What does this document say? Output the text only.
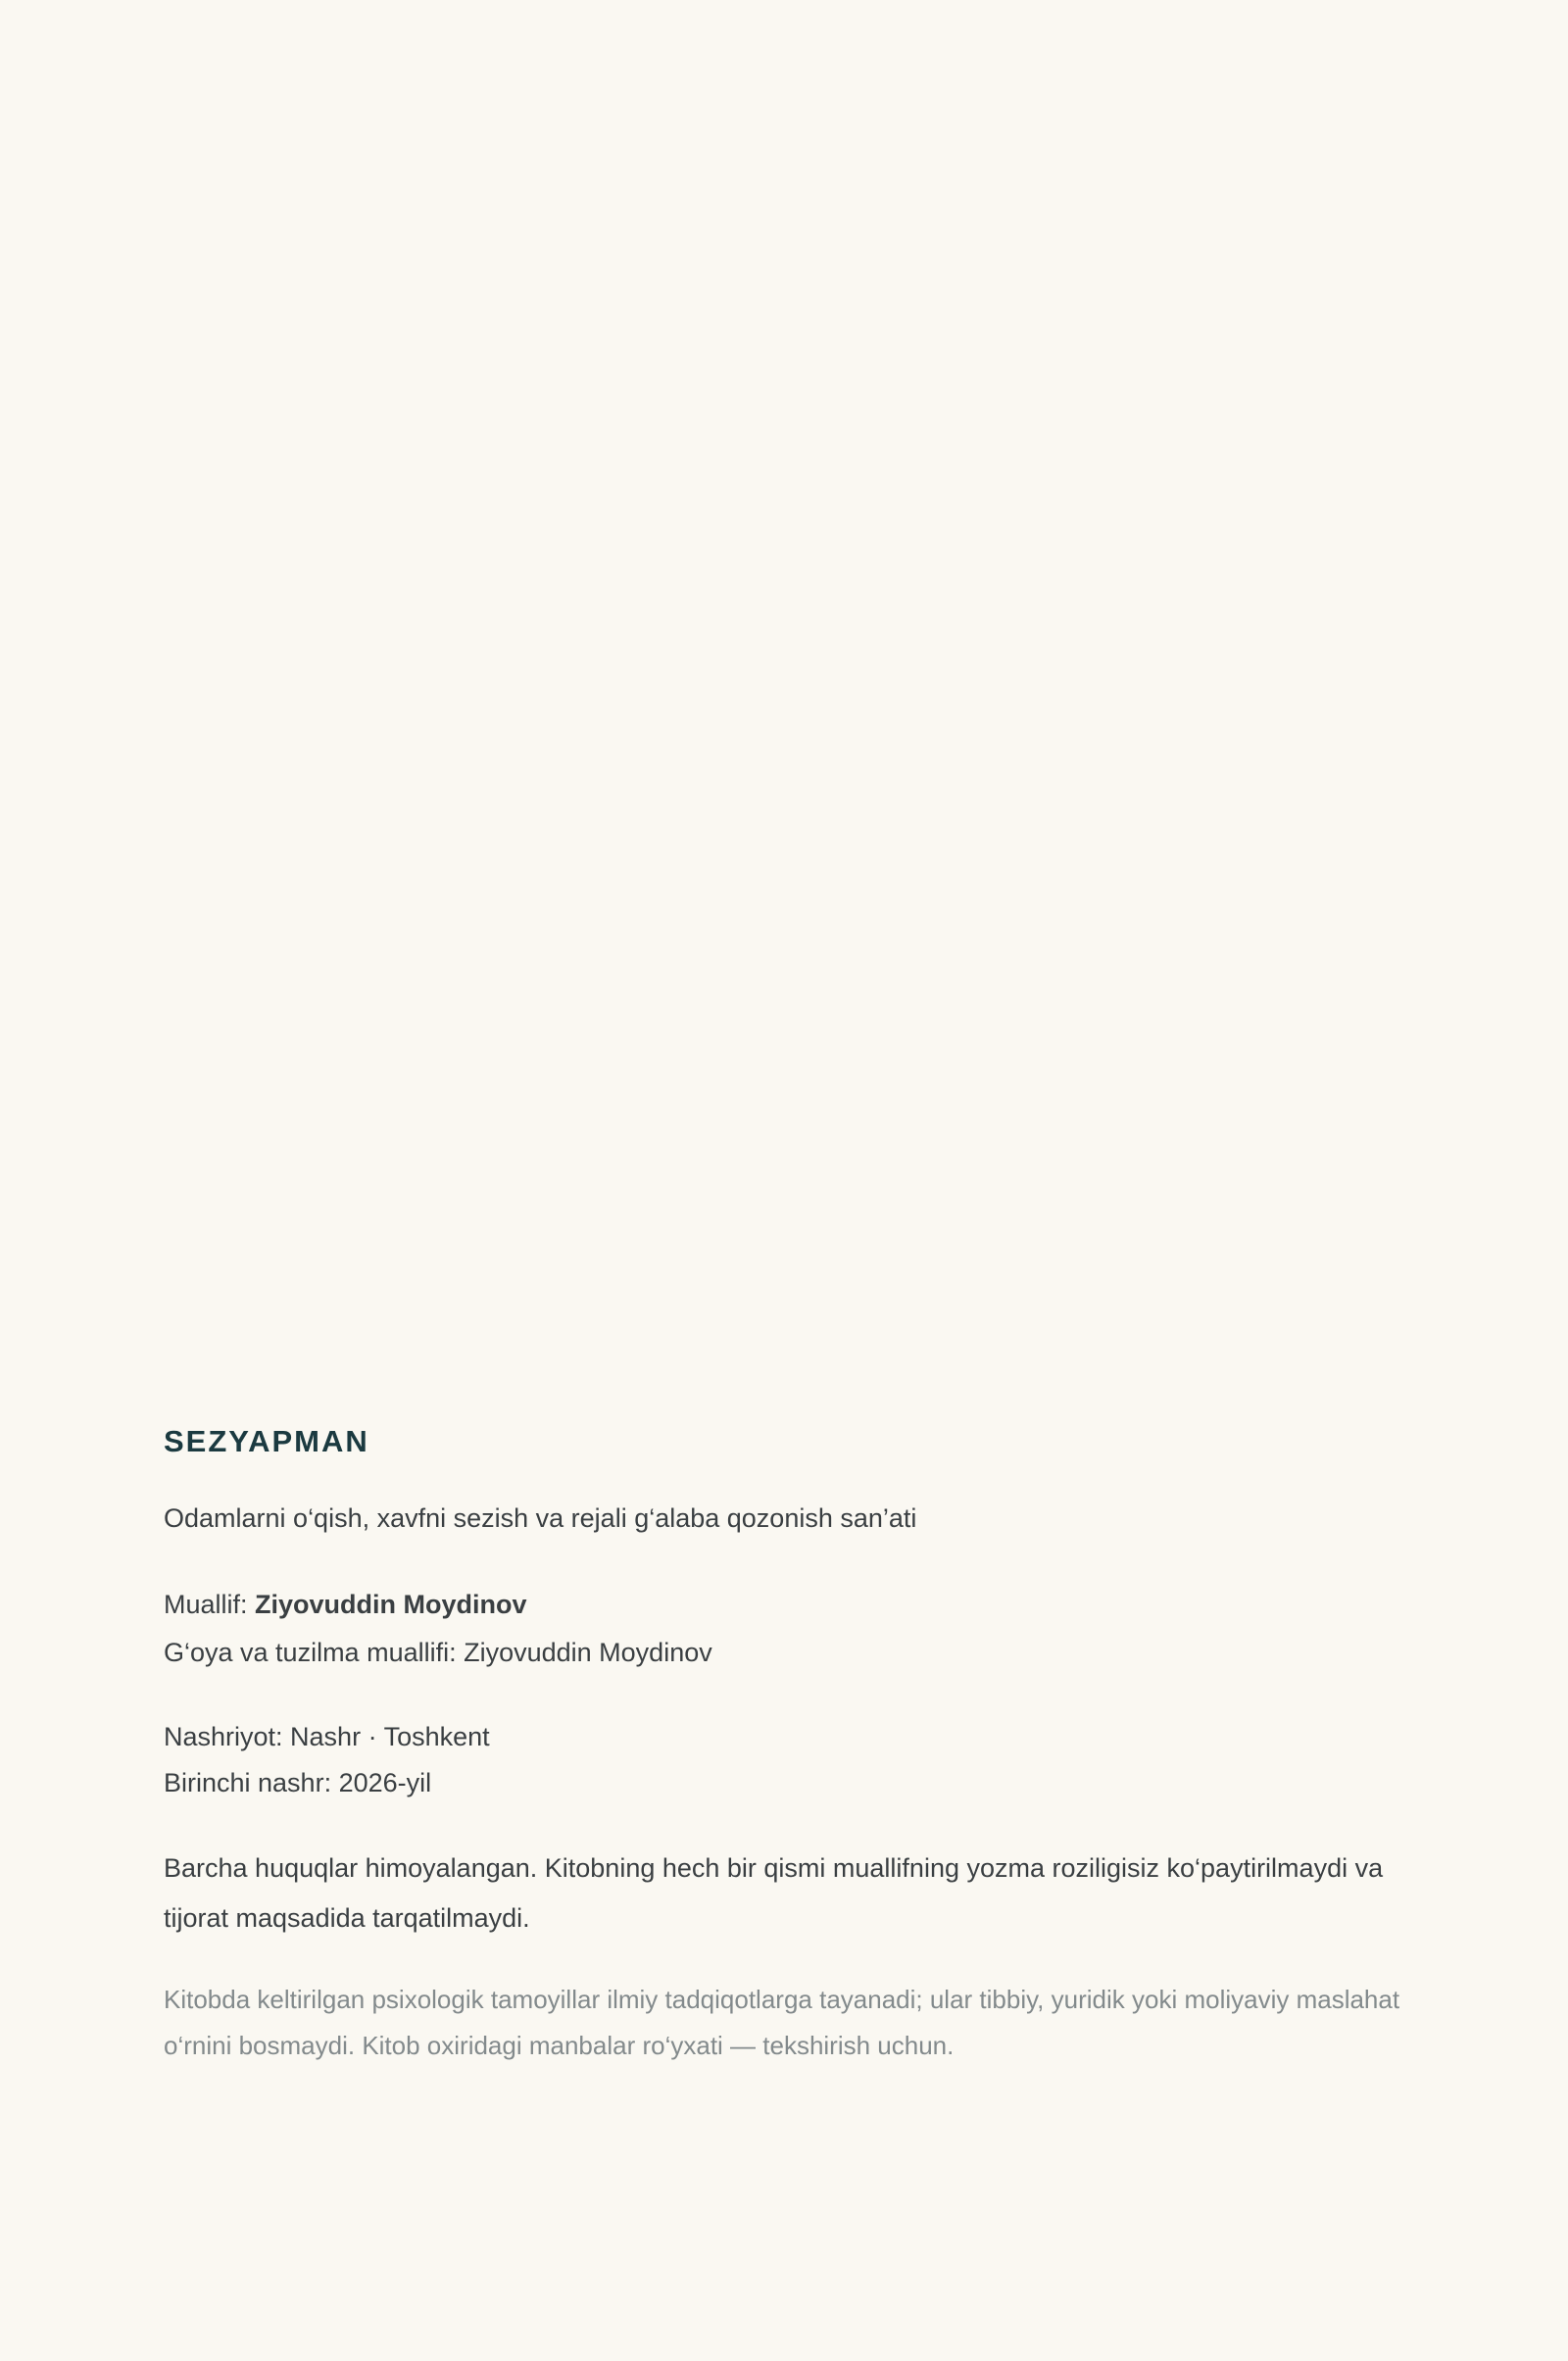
SEZYAPMAN

Odamlarni o‘qish, xavfni sezish va rejali g‘alaba qozonish san’ati

Muallif: Ziyovuddin Moydinov
G‘oya va tuzilma muallifi: Ziyovuddin Moydinov

Nashriyot: Nashr · Toshkent
Birinchi nashr: 2026-yil

Barcha huquqlar himoyalangan. Kitobning hech bir qismi muallifning yozma roziligisiz ko‘paytirilmaydi va tijorat maqsadida tarqatilmaydi.

Kitobda keltirilgan psixologik tamoyillar ilmiy tadqiqotlarga tayanadi; ular tibbiy, yuridik yoki moliyaviy maslahat o‘rnini bosmaydi. Kitob oxiridagi manbalar ro‘yxati — tekshirish uchun.
